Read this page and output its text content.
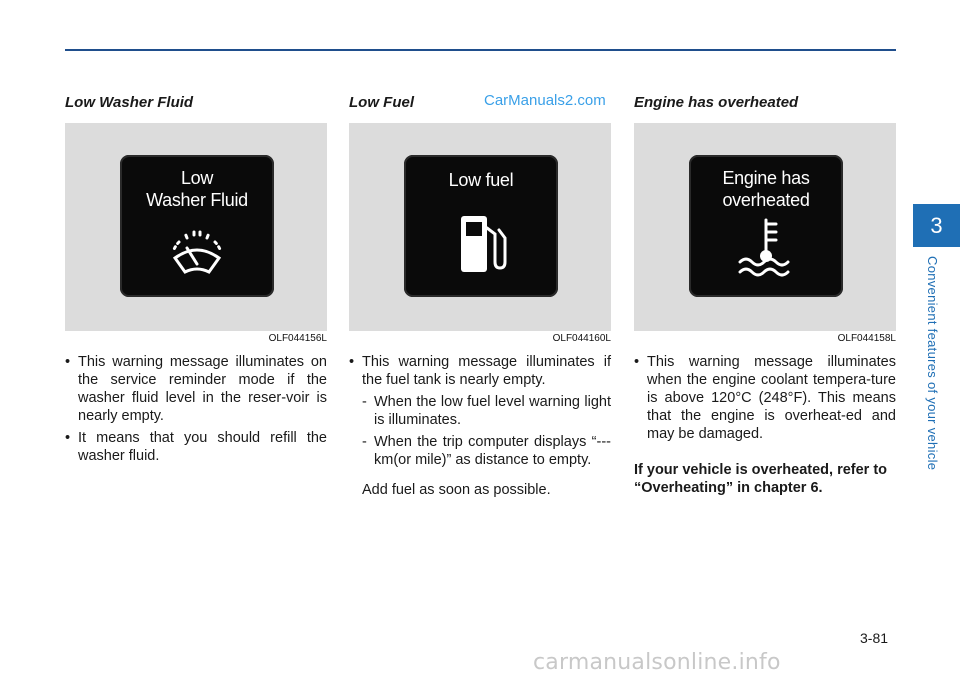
CarManuals2.com
Low Washer Fluid
Low
Washer Fluid
OLF044156L
• This warning message illuminates on the service reminder mode if the washer fluid level in the reser-voir is nearly empty.
• It means that you should refill the washer fluid.
Low Fuel
Low fuel
OLF044160L
• This warning message illuminates if the fuel tank is nearly empty.
- When the low fuel level warning light is illuminates.
- When the trip computer displays “--- km(or mile)” as distance to empty.
Add fuel as soon as possible.
Engine has overheated
Engine has
overheated
OLF044158L
• This warning message illuminates when the engine coolant tempera-ture is above 120°C (248°F). This means that the engine is overheat-ed and may be damaged.
If your vehicle is overheated, refer to “Overheating” in chapter 6.
3
Convenient features of your vehicle
3-81
carmanualsonline.info
